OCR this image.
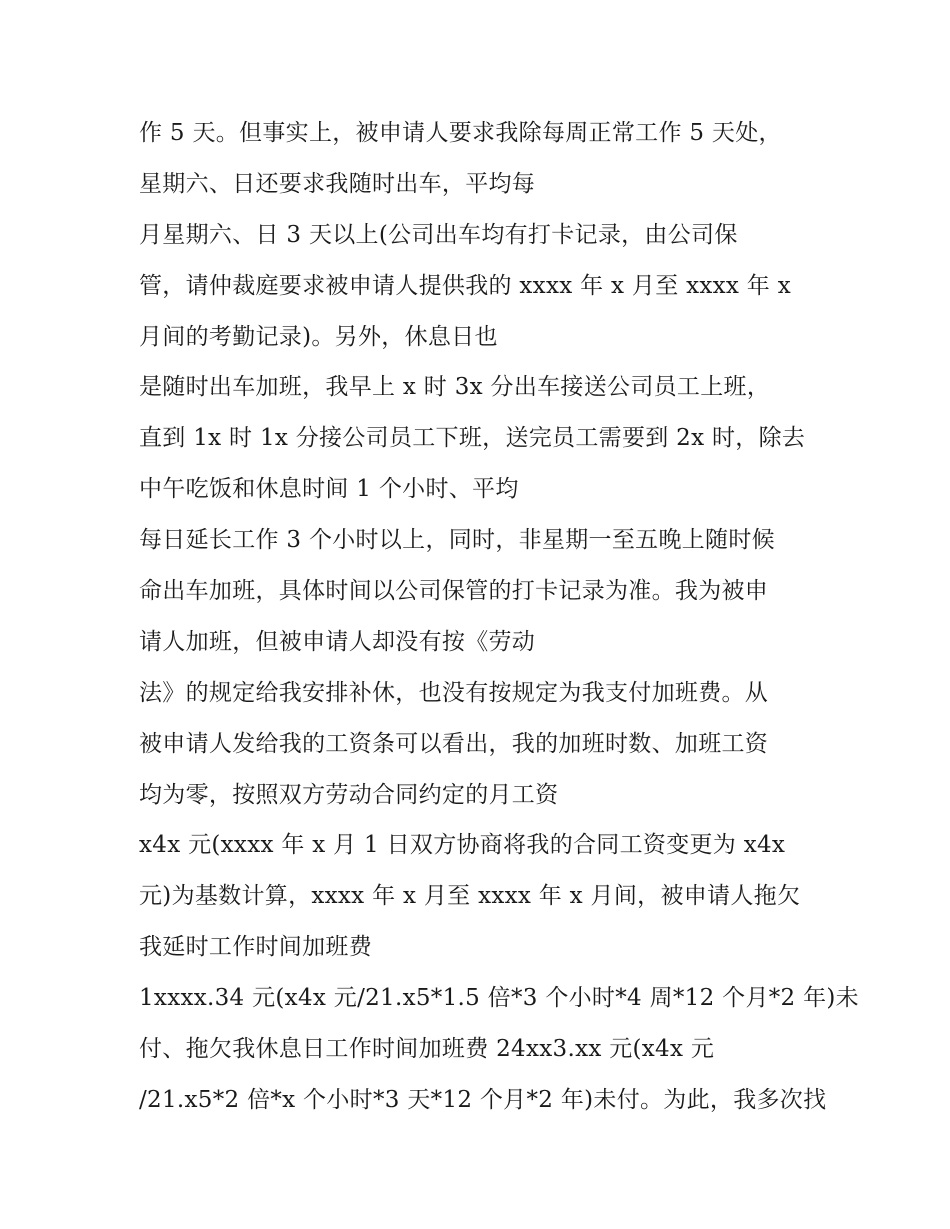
作 5 天。但事实上，被申请人要求我除每周正常工作 5 天处，
星期六、日还要求我随时出车，平均每
月星期六、日 3 天以上(公司出车均有打卡记录，由公司保
管，请仲裁庭要求被申请人提供我的 xxxx 年 x 月至 xxxx 年 x
月间的考勤记录)。另外，休息日也
是随时出车加班，我早上 x 时 3x 分出车接送公司员工上班，
直到 1x 时 1x 分接公司员工下班，送完员工需要到 2x 时，除去
中午吃饭和休息时间 1 个小时、平均
每日延长工作 3 个小时以上，同时，非星期一至五晚上随时候
命出车加班，具体时间以公司保管的打卡记录为准。我为被申
请人加班，但被申请人却没有按《劳动
法》的规定给我安排补休，也没有按规定为我支付加班费。从
被申请人发给我的工资条可以看出，我的加班时数、加班工资
均为零，按照双方劳动合同约定的月工资
x4x 元(xxxx 年 x 月 1 日双方协商将我的合同工资变更为 x4x
元)为基数计算，xxxx 年 x 月至 xxxx 年 x 月间，被申请人拖欠
我延时工作时间加班费
1xxxx.34 元(x4x 元/21.x5*1.5 倍*3 个小时*4 周*12 个月*2 年)未
付、拖欠我休息日工作时间加班费 24xx3.xx 元(x4x 元
/21.x5*2 倍*x 个小时*3 天*12 个月*2 年)未付。为此，我多次找
